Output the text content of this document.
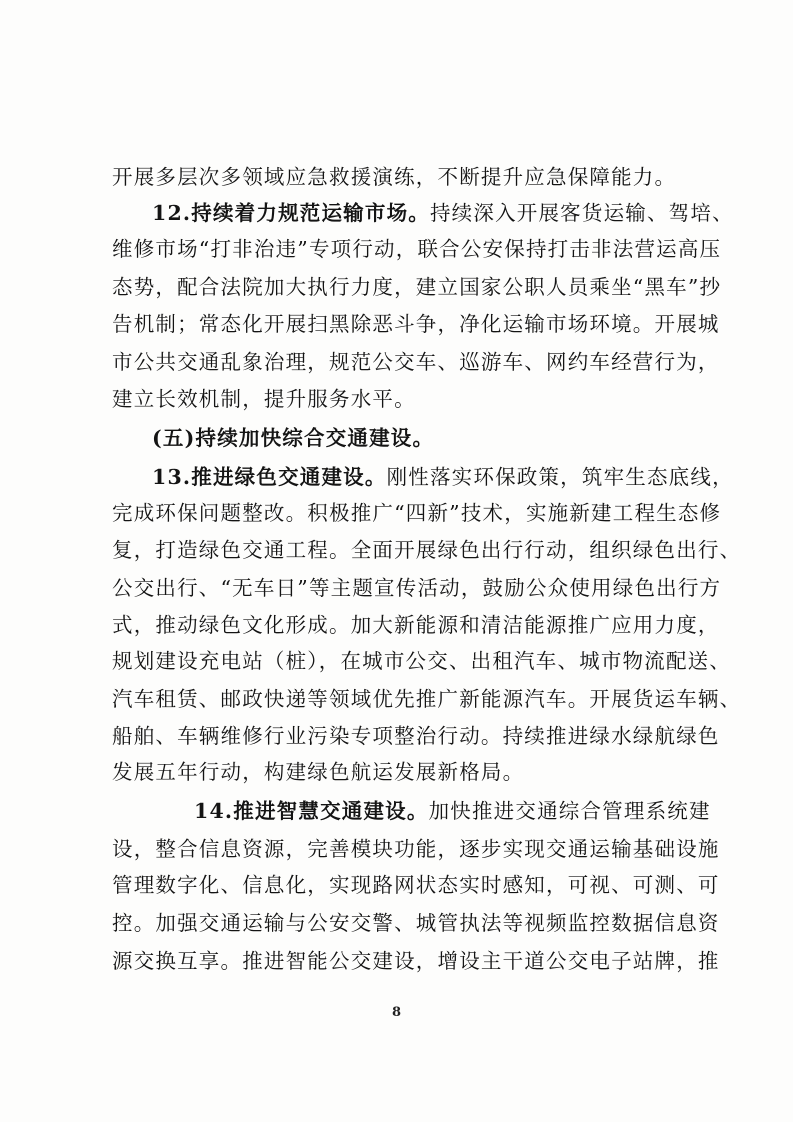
开展多层次多领域应急救援演练，不断提升应急保障能力。
12.持续着力规范运输市场。持续深入开展客货运输、驾培、
维修市场“打非治违”专项行动，联合公安保持打击非法营运高压
态势，配合法院加大执行力度，建立国家公职人员乘坐“黑车”抄
告机制；常态化开展扫黑除恶斗争，净化运输市场环境。开展城
市公共交通乱象治理，规范公交车、巡游车、网约车经营行为，
建立长效机制，提升服务水平。
(五)持续加快综合交通建设。
13.推进绿色交通建设。刚性落实环保政策，筑牢生态底线，
完成环保问题整改。积极推广“四新”技术，实施新建工程生态修
复，打造绿色交通工程。全面开展绿色出行行动，组织绿色出行、
公交出行、“无车日”等主题宣传活动，鼓励公众使用绿色出行方
式，推动绿色文化形成。加大新能源和清洁能源推广应用力度，
规划建设充电站（桩），在城市公交、出租汽车、城市物流配送、
汽车租赁、邮政快递等领域优先推广新能源汽车。开展货运车辆、
船舶、车辆维修行业污染专项整治行动。持续推进绿水绿航绿色
发展五年行动，构建绿色航运发展新格局。
14.推进智慧交通建设。加快推进交通综合管理系统建
设，整合信息资源，完善模块功能，逐步实现交通运输基础设施
管理数字化、信息化，实现路网状态实时感知，可视、可测、可
控。加强交通运输与公安交警、城管执法等视频监控数据信息资
源交换互享。推进智能公交建设，增设主干道公交电子站牌，推
8
